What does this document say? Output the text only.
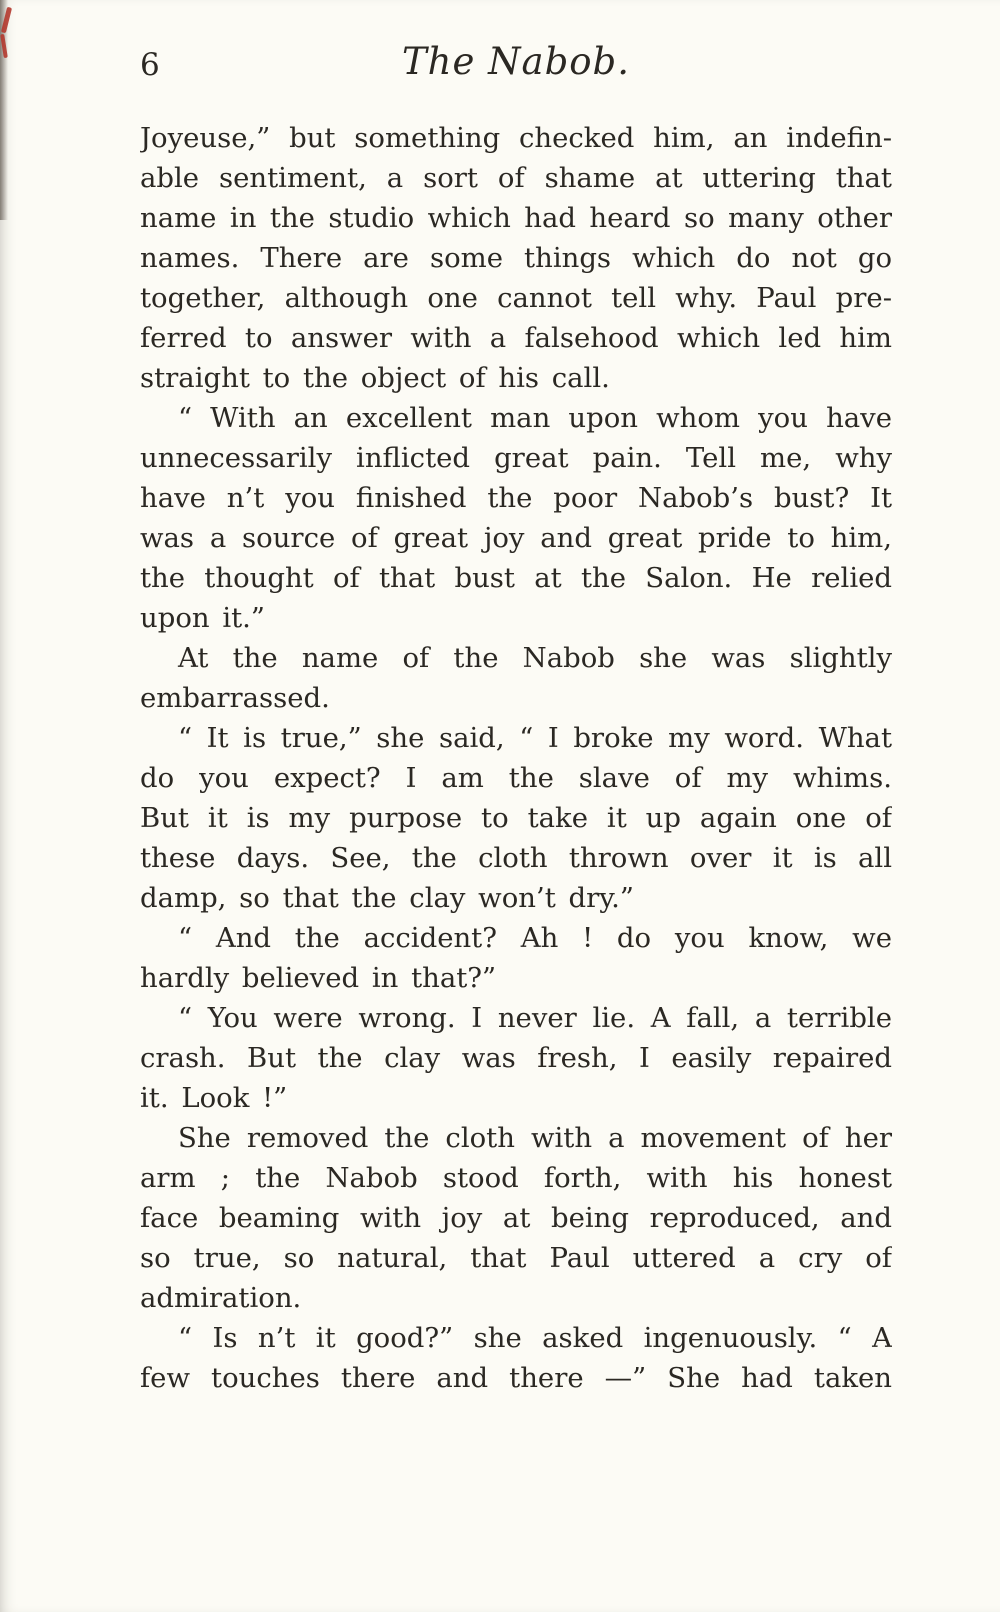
6	The Nabob.
Joyeuse,” but something checked him, an indefin-
able sentiment, a sort of shame at uttering that
name in the studio which had heard so many other
names. There are some things which do not go
together, although one cannot tell why. Paul pre-
ferred to answer with a falsehood which led him
straight to the object of his call.
“ With an excellent man upon whom you have
unnecessarily inflicted great pain. Tell me, why
have n’t you finished the poor Nabob’s bust? It
was a source of great joy and great pride to him,
the thought of that bust at the Salon. He relied
upon it.”
At the name of the Nabob she was slightly
embarrassed.
“ It is true,” she said, “ I broke my word. What
do you expect? I am the slave of my whims.
But it is my purpose to take it up again one of
these days. See, the cloth thrown over it is all
damp, so that the clay won’t dry.”
“ And the accident? Ah ! do you know, we
hardly believed in that?”
“ You were wrong. I never lie. A fall, a terrible
crash. But the clay was fresh, I easily repaired
it. Look !”
She removed the cloth with a movement of her
arm ; the Nabob stood forth, with his honest
face beaming with joy at being reproduced, and
so true, so natural, that Paul uttered a cry of
admiration.
“ Is n’t it good?” she asked ingenuously. “ A
few touches there and there —” She had taken
